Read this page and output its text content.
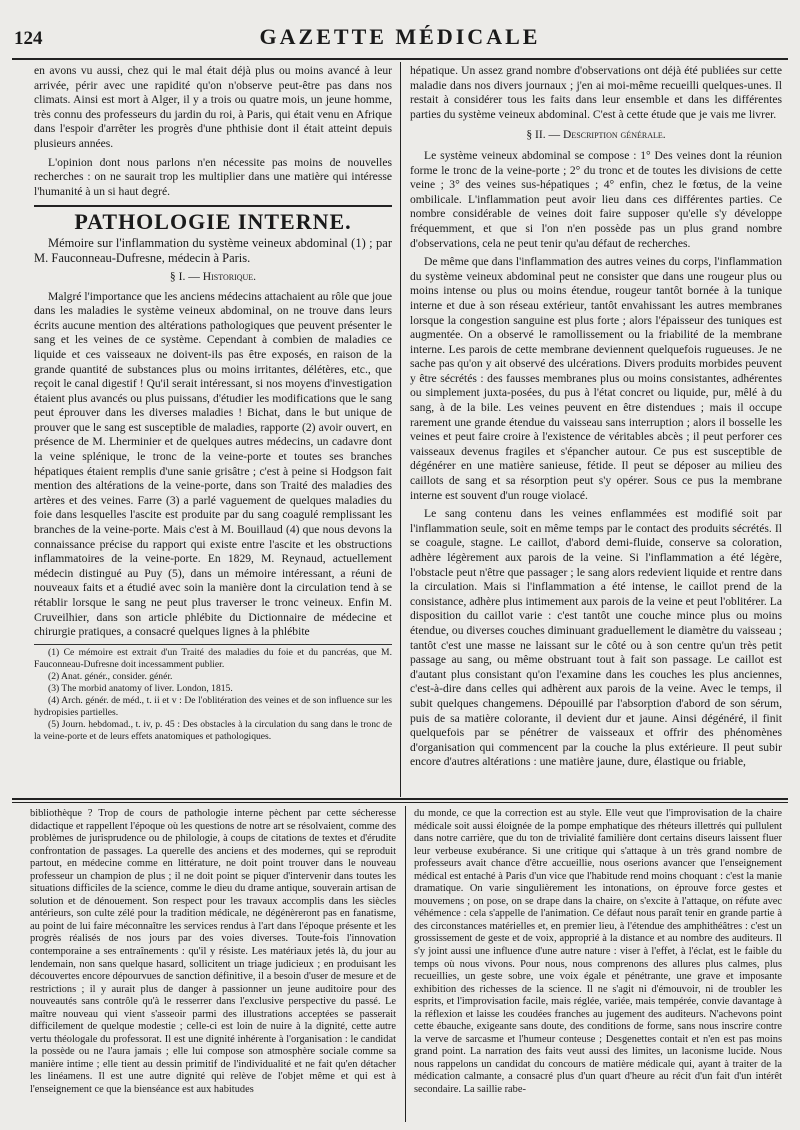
124	GAZETTE MÉDICALE

en avons vu aussi, chez qui le mal était déjà plus ou moins avancé à leur arrivée, périr avec une rapidité qu'on n'observe peut-être pas dans nos climats. Ainsi est mort à Alger, il y a trois ou quatre mois, un jeune homme, très connu des professeurs du jardin du roi, à Paris, qui était venu en Afrique dans l'espoir d'arrêter les progrès d'une phthisie dont il était atteint depuis plusieurs années.

L'opinion dont nous parlons n'en nécessite pas moins de nouvelles recherches : on ne saurait trop les multiplier dans une matière qui intéresse l'humanité à un si haut degré.

PATHOLOGIE INTERNE.
Mémoire sur l'inflammation du système veineux abdominal (1) ; par M. Fauconneau-Dufresne, médecin à Paris.
§ I. — Historique.

Malgré l'importance que les anciens médecins attachaient au rôle que joue dans les maladies le système veineux abdominal, on ne trouve dans leurs écrits aucune mention des altérations pathologiques que peuvent présenter le sang et les veines de ce système. Cependant à combien de maladies ce liquide et ces vaisseaux ne doivent-ils pas être exposés, en raison de la grande quantité de substances plus ou moins irritantes, délétères, etc., que reçoit le canal digestif ! Qu'il serait intéressant, si nos moyens d'investigation étaient plus avancés ou plus puissans, d'étudier les modifications que le sang peut éprouver dans les diverses maladies ! Bichat, dans le but unique de prouver que le sang est susceptible de maladies, rapporte (2) avoir ouvert, en présence de M. Lherminier et de quelques autres médecins, un cadavre dont la veine splénique, le tronc de la veine-porte et toutes ses branches hépatiques étaient remplis d'une sanie grisâtre ; c'est à peine si Hodgson fait mention des altérations de la veine-porte, dans son Traité des maladies des artères et des veines. Farre (3) a parlé vaguement de quelques maladies du foie dans lesquelles l'ascite est produite par du sang coagulé remplissant les branches de la veine-porte. Mais c'est à M. Bouillaud (4) que nous devons la connaissance précise du rapport qui existe entre l'ascite et les obstructions inflammatoires de la veine-porte. En 1829, M. Reynaud, actuellement médecin distingué au Puy (5), dans un mémoire intéressant, a réuni de nouveaux faits et a étudié avec soin la manière dont la circulation tend à se rétablir lorsque le sang ne peut plus traverser le tronc veineux. Enfin M. Cruveilhier, dans son article phlébite du Dictionnaire de médecine et chirurgie pratiques, a consacré quelques lignes à la phlébite

(1) Ce mémoire est extrait d'un Traité des maladies du foie et du pancréas, que M. Fauconneau-Dufresne doit incessamment publier.

(2) Anat. génér., consider. génér.

(3) The morbid anatomy of liver. London, 1815.

(4) Arch. génér. de méd., t. ii et v : De l'oblitération des veines et de son influence sur les hydropisies partielles.

(5) Journ. hebdomad., t. iv, p. 45 : Des obstacles à la circulation du sang dans le tronc de la veine-porte et de leurs effets anatomiques et pathologiques.

hépatique. Un assez grand nombre d'observations ont déjà été publiées sur cette maladie dans nos divers journaux ; j'en ai moi-même recueilli quelques-unes. Il restait à considérer tous les faits dans leur ensemble et dans les différentes parties du système veineux abdominal. C'est à cette étude que je vais me livrer.

§ II. — Description générale.

Le système veineux abdominal se compose : 1° Des veines dont la réunion forme le tronc de la veine-porte ; 2° du tronc et de toutes les divisions de cette veine ; 3° des veines sus-hépatiques ; 4° enfin, chez le fœtus, de la veine ombilicale. L'inflammation peut avoir lieu dans ces différentes parties. Ce nombre considérable de veines doit faire supposer qu'elle s'y développe fréquemment, et que si l'on n'en possède pas un plus grand nombre d'observations, cela ne peut tenir qu'au défaut de recherches.

De même que dans l'inflammation des autres veines du corps, l'inflammation du système veineux abdominal peut ne consister que dans une rougeur plus ou moins intense ou plus ou moins étendue, rougeur tantôt bornée à la tunique interne et due à son réseau extérieur, tantôt envahissant les autres membranes lorsque la congestion sanguine est plus forte ; alors l'épaisseur des tuniques est augmentée. On a observé le ramollissement ou la friabilité de la membrane interne. Les parois de cette membrane deviennent quelquefois rugueuses. Je ne sache pas qu'on y ait observé des ulcérations. Divers produits morbides peuvent y être sécrétés : des fausses membranes plus ou moins consistantes, adhérentes ou simplement juxta-posées, du pus à l'état concret ou liquide, pur, mêlé à du sang, à de la bile. Les veines peuvent en être distendues ; mais il occupe rarement une grande étendue du vaisseau sans interruption ; alors il bosselle les veines et peut faire croire à l'existence de véritables abcès ; il peut perforer ces vaisseaux devenus fragiles et s'épancher autour. Ce pus est susceptible de dégénérer en une matière sanieuse, fétide. Il peut se déposer au milieu des caillots de sang et sa résorption peut s'y opérer. Sous ce pus la membrane interne est souvent d'un rouge violacé.

Le sang contenu dans les veines enflammées est modifié soit par l'inflammation seule, soit en même temps par le contact des produits sécrétés. Il se coagule, stagne. Le caillot, d'abord demi-fluide, conserve sa coloration, adhère légèrement aux parois de la veine. Si l'inflammation a été légère, l'obstacle peut n'être que passager ; le sang alors redevient liquide et rentre dans la circulation. Mais si l'inflammation a été intense, le caillot prend de la consistance, adhère plus intimement aux parois de la veine et peut l'oblitérer. La disposition du caillot varie : c'est tantôt une couche mince plus ou moins étendue, ou diverses couches diminuant graduellement le diamètre du vaisseau ; tantôt c'est une masse ne laissant sur le côté ou à son centre qu'un très petit passage au sang, ou même obstruant tout à fait son passage. Le caillot est d'autant plus consistant qu'on l'examine dans les couches les plus anciennes, c'est-à-dire dans celles qui adhèrent aux parois de la veine. Avec le temps, il subit quelques changemens. Dépouillé par l'absorption d'abord de son sérum, puis de sa matière colorante, il devient dur et jaune. Ainsi dégénéré, il finit quelquefois par se pénétrer de vaisseaux et offrir des phénomènes d'organisation qui commencent par la couche la plus extérieure. Il peut subir encore d'autres altérations : une matière jaune, dure, élastique ou friable,

bibliothèque ? Trop de cours de pathologie interne pèchent par cette sécheresse didactique et rappellent l'époque où les questions de notre art se résolvaient, comme des problèmes de jurisprudence ou de philologie, à coups de citations de textes et d'érudite confrontation de passages. La querelle des anciens et des modernes, qui se reproduit partout, en médecine comme en littérature, ne doit point trouver dans le nouveau professeur un champion de plus ; il ne doit point se piquer d'intervenir dans toutes les situations difficiles de la science, comme le dieu du drame antique, souverain artisan de solution et de dénouement. Son respect pour les travaux accomplis dans les siècles antérieurs, son culte zélé pour la tradition médicale, ne dégénèreront pas en fanatisme, au point de lui faire méconnaître les services rendus à l'art dans l'époque présente et les progrès réalisés de nos jours par des voies diverses. Toute-fois l'innovation contemporaine a ses entraînements : qu'il y résiste. Les matériaux jetés là, du jour au lendemain, non sans quelque hasard, sollicitent un triage judicieux ; en produisant les découvertes encore dépourvues de sanction définitive, il a besoin d'user de mesure et de restrictions ; il y aurait plus de danger à passionner un jeune auditoire pour des nouveautés sans contrôle qu'à le resserrer dans l'exclusive perspective du passé. Le maître nouveau qui vient s'asseoir parmi des illustrations acceptées se passerait difficilement de quelque modestie ; celle-ci est loin de nuire à la dignité, cette autre vertu théologale du professorat. Il est une dignité inhérente à l'organisation : le candidat la possède ou ne l'aura jamais ; elle lui compose son atmosphère sociale comme sa manière intime ; elle tient au dessin primitif de l'individualité et ne fait qu'en détacher les linéamens. Il est une autre dignité qui relève de l'objet même et qui est à l'enseignement ce que la bienséance est aux habitudes

du monde, ce que la correction est au style. Elle veut que l'improvisation de la chaire médicale soit aussi éloignée de la pompe emphatique des rhéteurs illettrés qui pullulent dans notre carrière, que du ton de trivialité familière dont certains diseurs laissent fluer leur verbeuse exubérance. Si une critique qui s'attaque à un très grand nombre de professeurs avait chance d'être accueillie, nous oserions avancer que l'enseignement médical est entaché à Paris d'un vice que l'habitude rend moins choquant : c'est la manie dramatique. On varie singulièrement les intonations, on éprouve force gestes et mouvemens ; on pose, on se drape dans la chaire, on s'excite à l'attaque, on réfute avec véhémence : cela s'appelle de l'animation. Ce défaut nous paraît tenir en grande partie à des circonstances matérielles et, en premier lieu, à l'étendue des amphithéâtres : c'est un grossissement de geste et de voix, approprié à la distance et au nombre des auditeurs. Il s'y joint aussi une influence d'une autre nature : viser à l'effet, à l'éclat, est le faible du temps où nous vivons. Pour nous, nous comprenons des allures plus calmes, plus recueillies, un geste sobre, une voix égale et pénétrante, une grave et imposante exhibition des richesses de la science. Il ne s'agit ni d'émouvoir, ni de troubler les esprits, et l'improvisation facile, mais réglée, variée, mais tempérée, convie davantage à la réflexion et laisse les coudées franches au jugement des auditeurs. N'achevons point cette ébauche, exigeante sans doute, des conditions de forme, sans nous inscrire contre la verve de sarcasme et l'humeur conteuse ; Desgenettes contait et n'en est pas moins grand point. La narration des faits veut aussi des limites, un laconisme lucide. Nous nous rappelons un candidat du concours de matière médicale qui, ayant à traiter de la médication calmante, a consacré plus d'un quart d'heure au récit d'un fait d'un intérêt secondaire. La saillie rabe-
